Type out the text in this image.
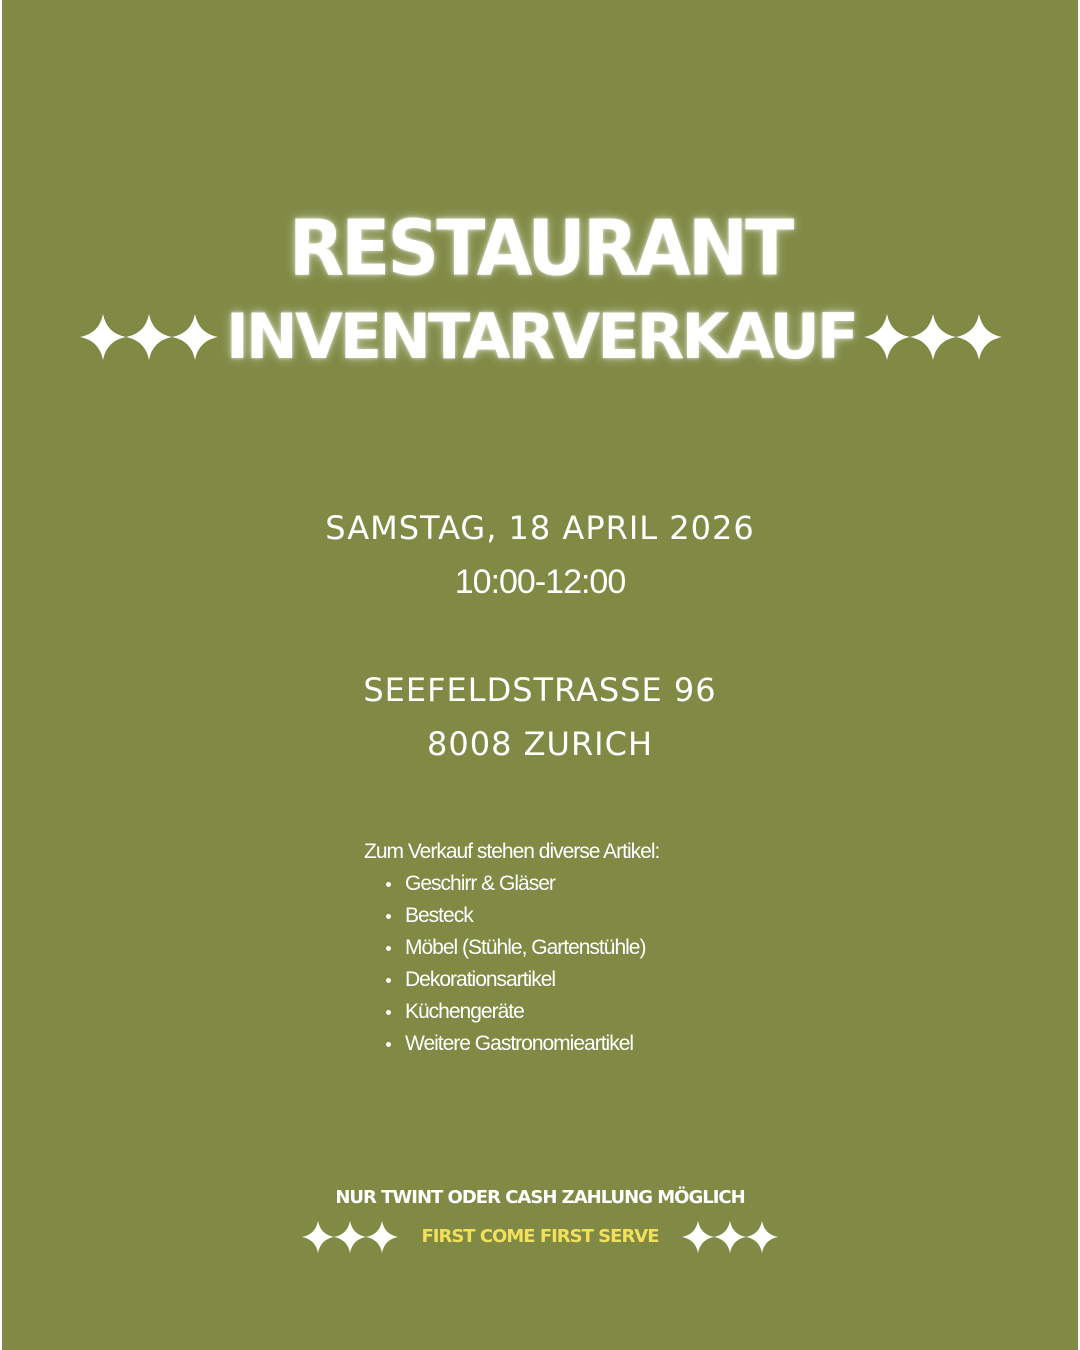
RESTAURANT
INVENTARVERKAUF
SAMSTAG, 18 APRIL 2026
10:00-12:00
SEEFELDSTRASSE 96
8008 ZURICH
Zum Verkauf stehen diverse Artikel:
Geschirr & Gläser
Besteck
Möbel (Stühle, Gartenstühle)
Dekorationsartikel
Küchengeräte
Weitere Gastronomieartikel
NUR TWINT ODER CASH ZAHLUNG MÖGLICH
FIRST COME FIRST SERVE
